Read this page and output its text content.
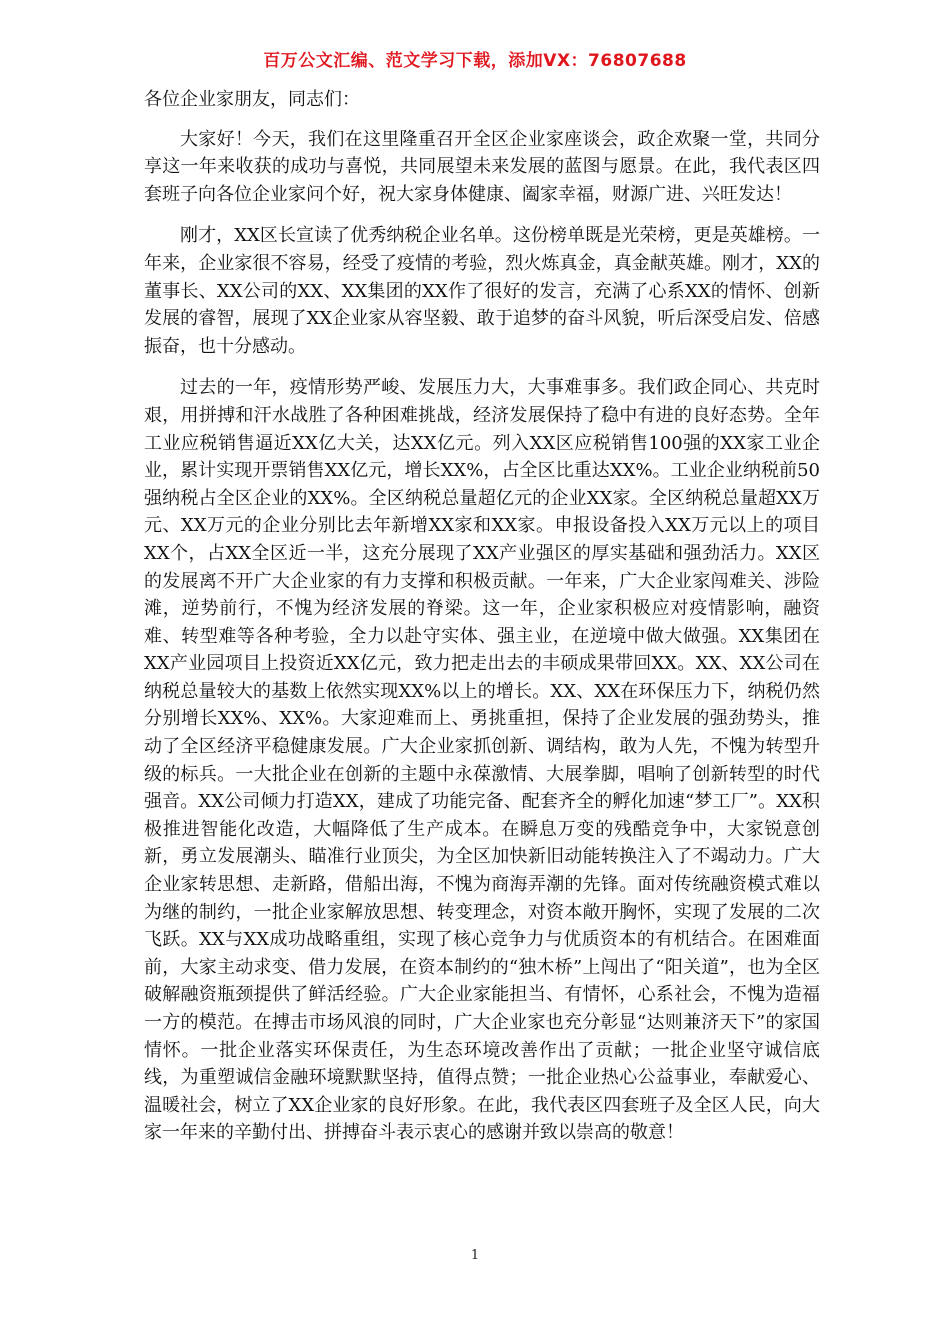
百万公文汇编、范文学习下载，添加VX：76807688

各位企业家朋友，同志们：

大家好！今天，我们在这里隆重召开全区企业家座谈会，政企欢聚一堂，共同分享这一年来收获的成功与喜悦，共同展望未来发展的蓝图与愿景。在此，我代表区四套班子向各位企业家问个好，祝大家身体健康、阖家幸福，财源广进、兴旺发达！

刚才，XX区长宣读了优秀纳税企业名单。这份榜单既是光荣榜，更是英雄榜。一年来，企业家很不容易，经受了疫情的考验，烈火炼真金，真金献英雄。刚才，XX的董事长、XX公司的XX、XX集团的XX作了很好的发言，充满了心系XX的情怀、创新发展的睿智，展现了XX企业家从容坚毅、敢于追梦的奋斗风貌，听后深受启发、倍感振奋，也十分感动。

过去的一年，疫情形势严峻、发展压力大，大事难事多。我们政企同心、共克时艰，用拼搏和汗水战胜了各种困难挑战，经济发展保持了稳中有进的良好态势。全年工业应税销售逼近XX亿大关，达XX亿元。列入XX区应税销售100强的XX家工业企业，累计实现开票销售XX亿元，增长XX%，占全区比重达XX%。工业企业纳税前50强纳税占全区企业的XX%。全区纳税总量超亿元的企业XX家。全区纳税总量超XX万元、XX万元的企业分别比去年新增XX家和XX家。申报设备投入XX万元以上的项目XX个，占XX全区近一半，这充分展现了XX产业强区的厚实基础和强劲活力。XX区的发展离不开广大企业家的有力支撑和积极贡献。一年来，广大企业家闯难关、涉险滩，逆势前行，不愧为经济发展的脊梁。这一年，企业家积极应对疫情影响，融资难、转型难等各种考验，全力以赴守实体、强主业，在逆境中做大做强。XX集团在XX产业园项目上投资近XX亿元，致力把走出去的丰硕成果带回XX。XX、XX公司在纳税总量较大的基数上依然实现XX%以上的增长。XX、XX在环保压力下，纳税仍然分别增长XX%、XX%。大家迎难而上、勇挑重担，保持了企业发展的强劲势头，推动了全区经济平稳健康发展。广大企业家抓创新、调结构，敢为人先，不愧为转型升级的标兵。一大批企业在创新的主题中永葆激情、大展拳脚，唱响了创新转型的时代强音。XX公司倾力打造XX，建成了功能完备、配套齐全的孵化加速“梦工厂”。XX积极推进智能化改造，大幅降低了生产成本。在瞬息万变的残酷竞争中，大家锐意创新，勇立发展潮头、瞄准行业顶尖，为全区加快新旧动能转换注入了不竭动力。广大企业家转思想、走新路，借船出海，不愧为商海弄潮的先锋。面对传统融资模式难以为继的制约，一批企业家解放思想、转变理念，对资本敞开胸怀，实现了发展的二次飞跃。XX与XX成功战略重组，实现了核心竞争力与优质资本的有机结合。在困难面前，大家主动求变、借力发展，在资本制约的“独木桥”上闯出了“阳关道”，也为全区破解融资瓶颈提供了鲜活经验。广大企业家能担当、有情怀，心系社会，不愧为造福一方的模范。在搏击市场风浪的同时，广大企业家也充分彰显“达则兼济天下”的家国情怀。一批企业落实环保责任，为生态环境改善作出了贡献；一批企业坚守诚信底线，为重塑诚信金融环境默默坚持，值得点赞；一批企业热心公益事业，奉献爱心、温暖社会，树立了XX企业家的良好形象。在此，我代表区四套班子及全区人民，向大家一年来的辛勤付出、拼搏奋斗表示衷心的感谢并致以崇高的敬意！

1
